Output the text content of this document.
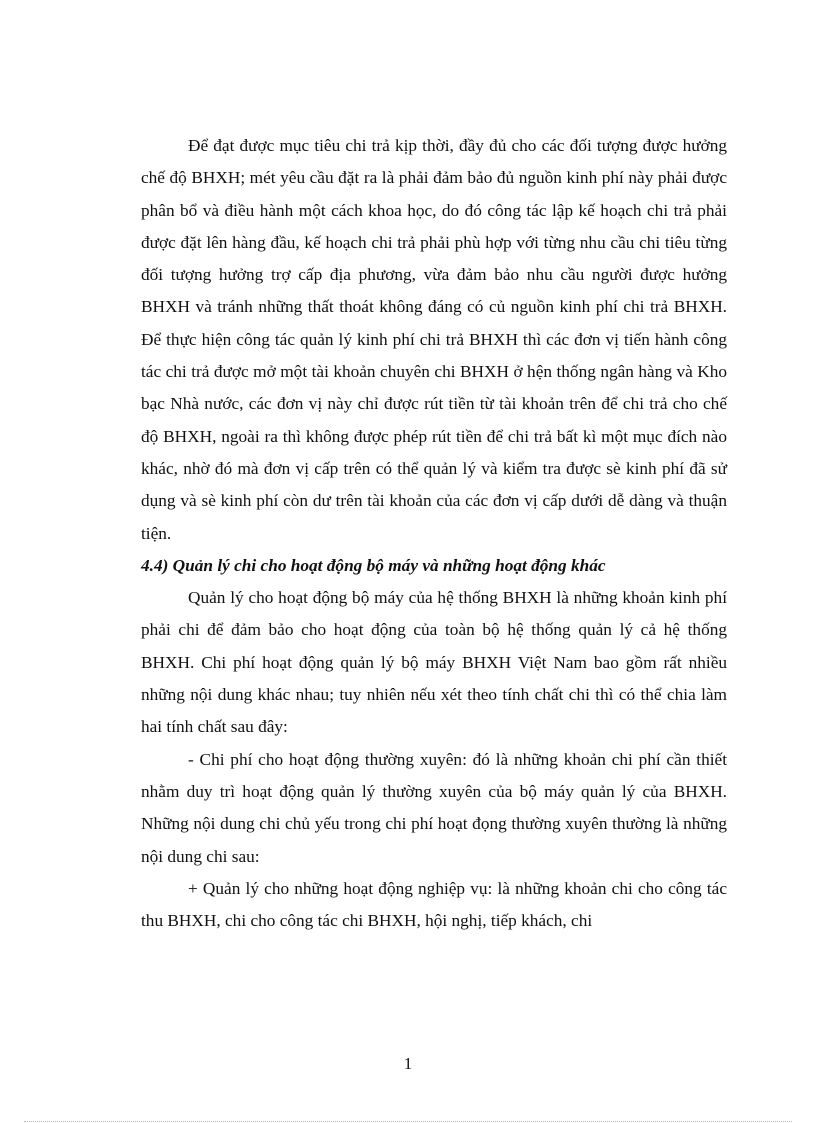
Để đạt được mục tiêu chi trả kịp thời, đầy đủ cho các đối tượng được hưởng chế độ BHXH; mét yêu cầu đặt ra là phải đảm bảo đủ nguồn kinh phí này phải được phân bổ và điều hành một cách khoa học, do đó công tác lập kế hoạch chi trả phải được đặt lên hàng đầu, kế hoạch chi trả phải phù hợp với từng nhu cầu chi tiêu từng đối tượng hưởng trợ cấp địa phương, vừa đảm bảo nhu cầu người được hưởng BHXH và tránh những thất thoát không đáng có củ nguồn kinh phí chi trả BHXH. Để thực hiện công tác quản lý kinh phí chi trả BHXH thì các đơn vị tiến hành công tác chi trả được mở một tài khoản chuyên chi BHXH ở hện thống ngân hàng và Kho bạc Nhà nước, các đơn vị này chỉ được rút tiền từ tài khoản trên để chi trả cho chế độ BHXH, ngoài ra thì không được phép rút tiền để chi trả bất kì một mục đích nào khác, nhờ đó mà đơn vị cấp trên có thể quản lý và kiểm tra được sè kinh phí đã sử dụng và sè kinh phí còn dư trên tài khoản của các đơn vị cấp dưới dễ dàng và thuận tiện.

4.4) Quản lý chi cho hoạt động bộ máy và những hoạt động khác

Quản lý cho hoạt động bộ máy của hệ thống BHXH là những khoản kinh phí phải chi để đảm bảo cho hoạt động của toàn bộ hệ thống quản lý cả hệ thống BHXH. Chi phí hoạt động quản lý bộ máy BHXH Việt Nam bao gồm rất nhiều những nội dung khác nhau; tuy nhiên nếu xét theo tính chất chi thì có thể chia làm hai tính chất sau đây:

- Chi phí cho hoạt động thường xuyên: đó là những khoản chi phí cần thiết nhằm duy trì hoạt động quản lý thường xuyên của bộ máy quản lý của BHXH. Những nội dung chi chủ yếu trong chi phí hoạt đọng thường xuyên thường là những nội dung chi sau:

+ Quản lý cho những hoạt động nghiệp vụ: là những khoản chi cho công tác thu BHXH, chi cho công tác chi BHXH, hội nghị, tiếp khách, chi

1
